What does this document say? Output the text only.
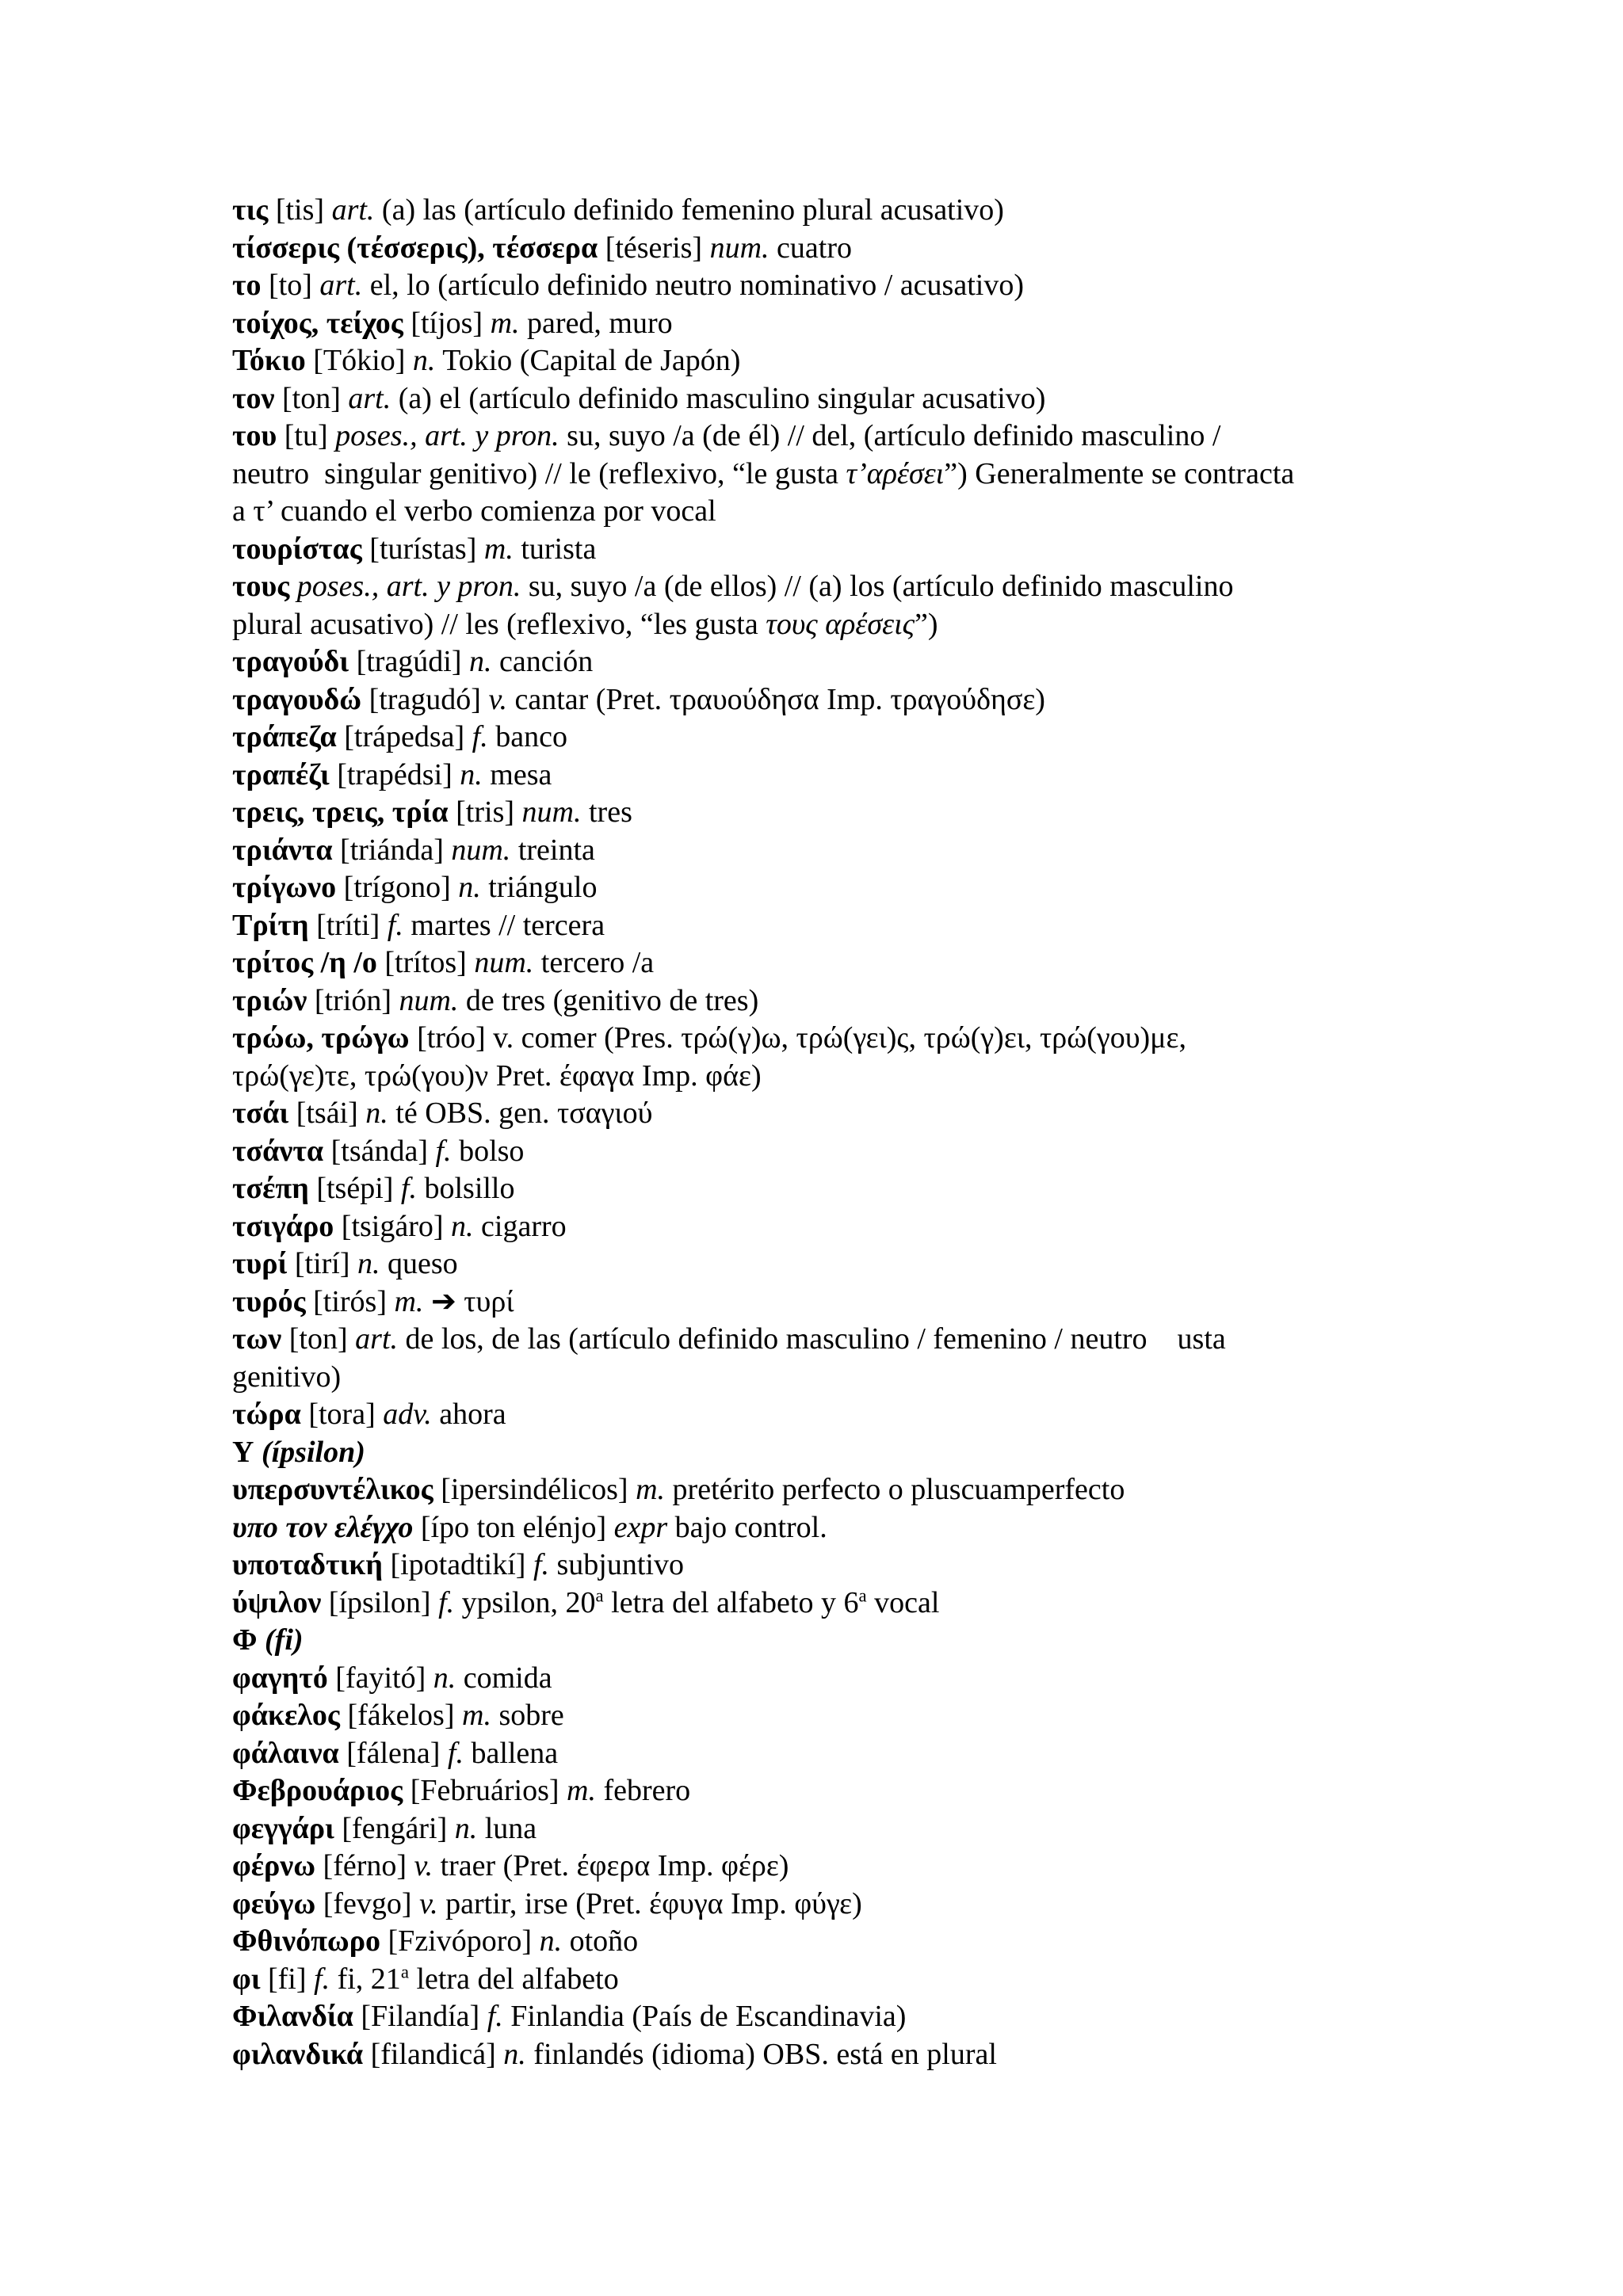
τις [tis] art. (a) las (artículo definido femenino plural acusativo)
τίσσερις (τέσσερις), τέσσερα [téseris] num. cuatro
το [to] art. el, lo (artículo definido neutro nominativo / acusativo)
τοίχος, τείχος [tíjos] m. pared, muro
Τόκιο [Tókio] n. Tokio (Capital de Japón)
τον [ton] art. (a) el (artículo definido masculino singular acusativo)
του [tu] poses., art. y pron. su, suyo /a (de él) // del, (artículo definido masculino /
neutro  singular genitivo) // le (reflexivo, “le gusta τ’αρέσει”) Generalmente se contracta
a τ’ cuando el verbo comienza por vocal
τουρίστας [turístas] m. turista
τους poses., art. y pron. su, suyo /a (de ellos) // (a) los (artículo definido masculino
plural acusativo) // les (reflexivo, “les gusta τους αρέσεις”)
τραγούδι [tragúdi] n. canción
τραγουδώ [tragudó] v. cantar (Pret. τραυούδησα Imp. τραγούδησε)
τράπεζα [trápedsa] f. banco
τραπέζι [trapédsi] n. mesa
τρεις, τρεις, τρία [tris] num. tres
τριάντα [triánda] num. treinta
τρίγωνο [trígono] n. triángulo
Τρίτη [tríti] f. martes // tercera
τρίτος /η /ο [trítos] num. tercero /a
τριών [trión] num. de tres (genitivo de tres)
τρώω, τρώγω [tróo] v. comer (Pres. τρώ(γ)ω, τρώ(γει)ς, τρώ(γ)ει, τρώ(γου)με,
τρώ(γε)τε, τρώ(γου)ν Pret. έφαγα Imp. φάε)
τσάι [tsái] n. té OBS. gen. τσαγιού
τσάντα [tsánda] f. bolso
τσέπη [tsépi] f. bolsillo
τσιγάρο [tsigáro] n. cigarro
τυρί [tirí] n. queso
τυρός [tirós] m. ➔ τυρί
των [ton] art. de los, de las (artículo definido masculino / femenino / neutro    usta
genitivo)
τώρα [tora] adv. ahora
Υ (ípsilon)
υπερσυντέλικος [ipersindélicos] m. pretérito perfecto o pluscuamperfecto
υπο τον ελέγχο [ípo ton elénjo] expr bajo control.
υποταδτική [ipotadtikí] f. subjuntivo
ύψιλον [ípsilon] f. ypsilon, 20$^a$ letra del alfabeto y 6$^a$ vocal
Φ (fi)
φαγητό [fayitó] n. comida
φάκελος [fákelos] m. sobre
φάλαινα [fálena] f. ballena
Φεβρουάριος [Februários] m. febrero
φεγγάρι [fengári] n. luna
φέρνω [férno] v. traer (Pret. έφερα Imp. φέρε)
φεύγω [fevgo] v. partir, irse (Pret. έφυγα Imp. φύγε)
Φθινόπωρο [Fzivóporo] n. otoño
φι [fi] f. fi, 21$^a$ letra del alfabeto
Φιλανδία [Filandía] f. Finlandia (País de Escandinavia)
φιλανδικά [filandicá] n. finlandés (idioma) OBS. está en plural
